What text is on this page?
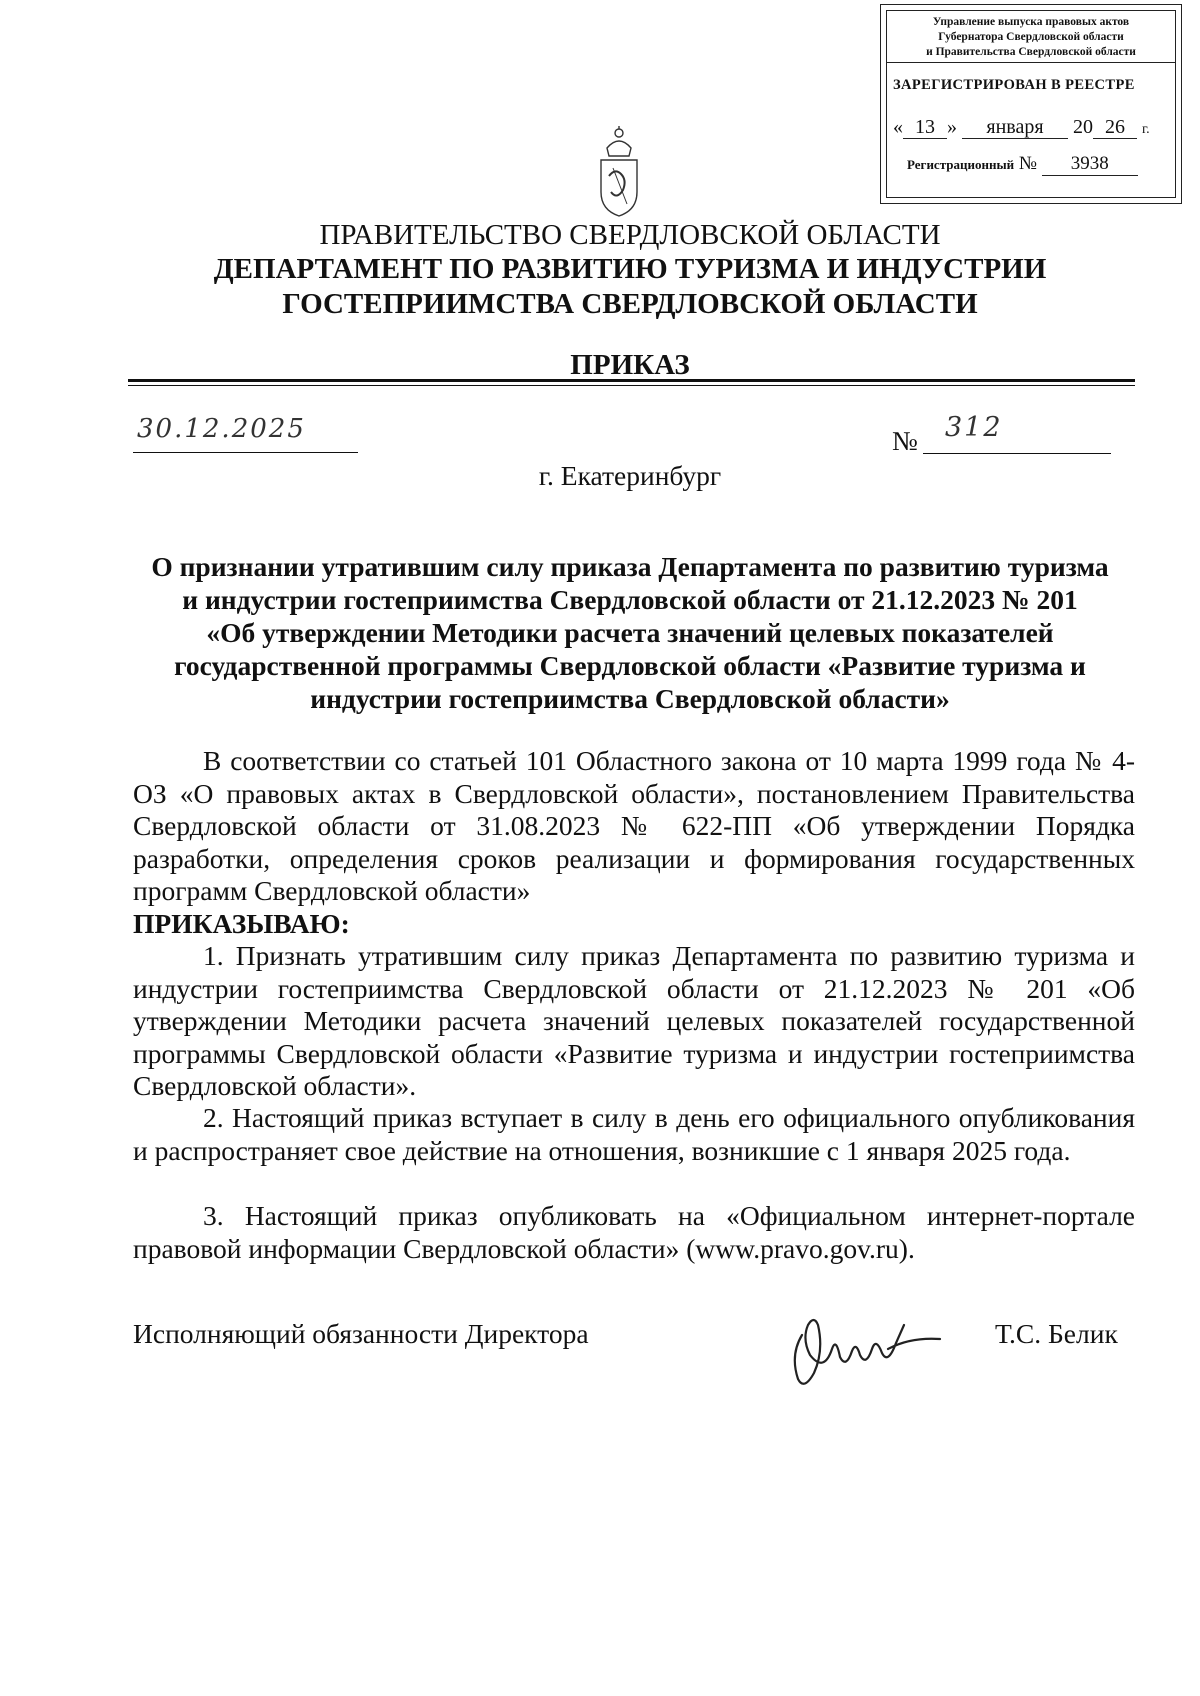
Управление выпуска правовых актов
Губернатора Свердловской области
и Правительства Свердловской области
ЗАРЕГИСТРИРОВАН В РЕЕСТРЕ
« 13 » января 20 26 г.
Регистрационный № 3938
ПРАВИТЕЛЬСТВО СВЕРДЛОВСКОЙ ОБЛАСТИ
ДЕПАРТАМЕНТ ПО РАЗВИТИЮ ТУРИЗМА И ИНДУСТРИИ
ГОСТЕПРИИМСТВА СВЕРДЛОВСКОЙ ОБЛАСТИ
ПРИКАЗ
30.12.2025	№ 312
г. Екатеринбург
О признании утратившим силу приказа Департамента по развитию туризма
и индустрии гостеприимства Свердловской области от 21.12.2023 № 201
«Об утверждении Методики расчета значений целевых показателей
государственной программы Свердловской области «Развитие туризма и
индустрии гостеприимства Свердловской области»
В соответствии со статьей 101 Областного закона от 10 марта 1999 года № 4-ОЗ «О правовых актах в Свердловской области», постановлением Правительства Свердловской области от 31.08.2023 № 622-ПП «Об утверждении Порядка разработки, определения сроков реализации и формирования государственных программ Свердловской области»
ПРИКАЗЫВАЮ:
1. Признать утратившим силу приказ Департамента по развитию туризма и индустрии гостеприимства Свердловской области от 21.12.2023 № 201 «Об утверждении Методики расчета значений целевых показателей государственной программы Свердловской области «Развитие туризма и индустрии гостеприимства Свердловской области».
2. Настоящий приказ вступает в силу в день его официального опубликования и распространяет свое действие на отношения, возникшие с 1 января 2025 года.
3. Настоящий приказ опубликовать на «Официальном интернет-портале правовой информации Свердловской области» (www.pravo.gov.ru).
Исполняющий обязанности Директора	Т.С. Белик
